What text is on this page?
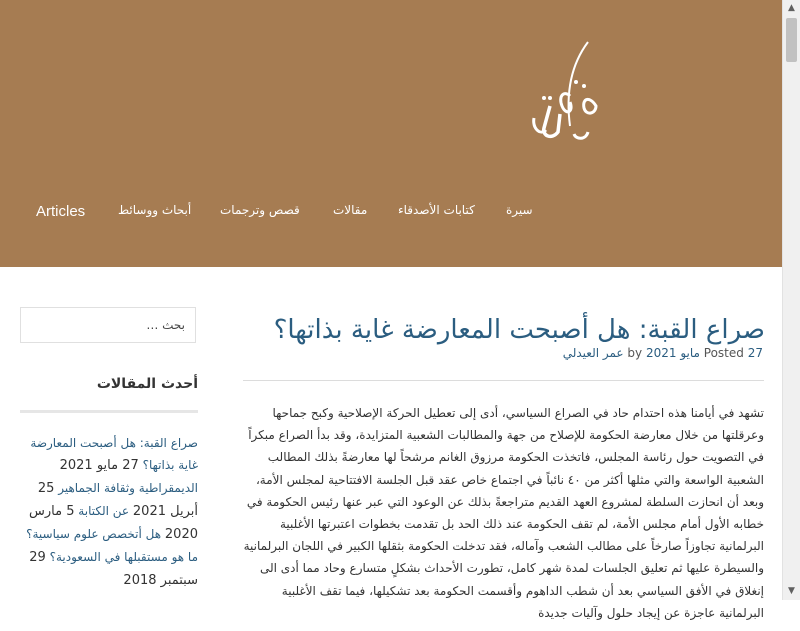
Articles	أبحاث ووسائط قصص وترجمات	مقالات	كتابات الأصدقاء	سيرة
بحث …
أحدث المقالات
صراع القبة: هل أصبحت المعارضة غاية بذاتها؟ 27 مايو 2021 الديمقراطية وثقافة الجماهير 25 أبريل 2021 عن الكتابة 5 مارس 2020 هل أتخصص علوم سياسية؟ ما هو مستقبلها في السعودية؟ 29 سبتمبر 2018
صراع القبة: هل أصبحت المعارضة غاية بذاتها؟
Posted 27 مايو 2021 by عمر العيدلي

تشهد في أيامنا هذه احتدام حاد في الصراع السياسي، أدى إلى تعطيل الحركة الإصلاحية وكبح جماحها وعرقلتها من خلال معارضة الحكومة للإصلاح من جهة والمطالبات الشعبية المتزايدة، وقد بدأ الصراع مبكراً في التصويت حول رئاسة المجلس، فاتخذت الحكومة مرزوق الغانم مرشحاً لها معارضةً بذلك المطالب الشعبية الواسعة والتي مثلها أكثر من ٤٠ نائباً في اجتماع خاص عقد قبل الجلسة الافتتاحية لمجلس الأمة، وبعد أن انحازت السلطة لمشروع العهد القديم متراجعةً بذلك عن الوعود التي عبر عنها رئيس الحكومة في خطابه الأول أمام مجلس الأمة، لم تقف الحكومة عند ذلك الحد بل تقدمت بخطوات اعتبرتها الأغلبية البرلمانية تجاوزاً صارخاً على مطالب الشعب وآماله، فقد تدخلت الحكومة بثقلها الكبير في اللجان البرلمانية والسيطرة عليها ثم تعليق الجلسات لمدة شهر كامل، تطورت الأحداث بشكلٍ متسارع وحاد مما أدى الى إنغلاق في الأفق السياسي بعد أن شطب الداهوم وأقسمت الحكومة بعد تشكيلها، فيما تقف الأغلبية البرلمانية عاجزة عن إيجاد حلول وآليات جديدة

▲
▼
